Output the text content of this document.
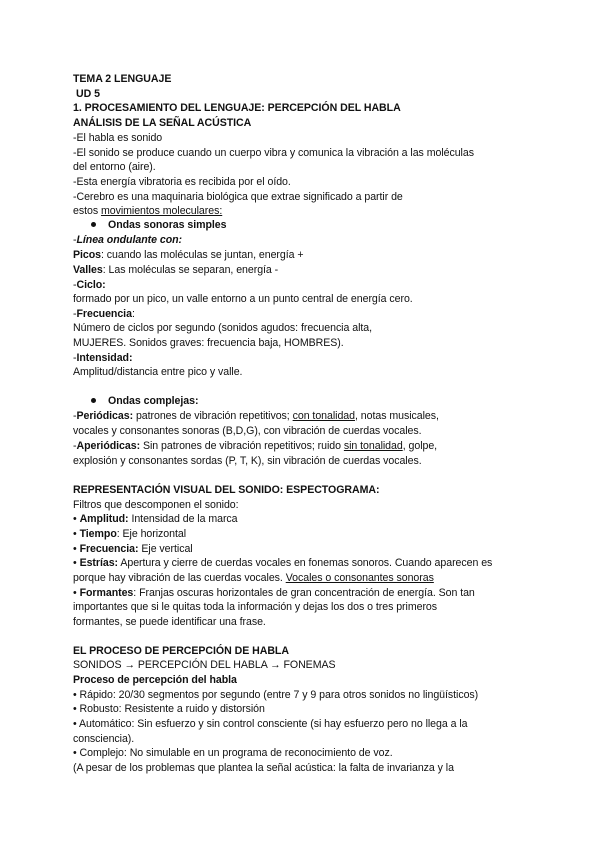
TEMA 2 LENGUAJE
UD 5
1. PROCESAMIENTO DEL LENGUAJE: PERCEPCIÓN DEL HABLA
ANÁLISIS DE LA SEÑAL ACÚSTICA
-El habla es sonido
-El sonido se produce cuando un cuerpo vibra y comunica la vibración a las moléculas
del entorno (aire).
-Esta energía vibratoria es recibida por el oído.
-Cerebro es una maquinaria biológica que extrae significado a partir de
estos movimientos moleculares:
Ondas sonoras simples
-Línea ondulante con:
Picos: cuando las moléculas se juntan, energía +
Valles: Las moléculas se separan, energía -
-Ciclo:
formado por un pico, un valle entorno a un punto central de energía cero.
-Frecuencia:
Número de ciclos por segundo (sonidos agudos: frecuencia alta,
MUJERES. Sonidos graves: frecuencia baja, HOMBRES).
-Intensidad:
Amplitud/distancia entre pico y valle.
Ondas complejas:
-Periódicas: patrones de vibración repetitivos; con tonalidad, notas musicales,
vocales y consonantes sonoras (B,D,G), con vibración de cuerdas vocales.
-Aperiódicas: Sin patrones de vibración repetitivos; ruido sin tonalidad, golpe,
explosión y consonantes sordas (P, T, K), sin vibración de cuerdas vocales.
REPRESENTACIÓN VISUAL DEL SONIDO: ESPECTOGRAMA:
Filtros que descomponen el sonido:
• Amplitud: Intensidad de la marca
• Tiempo: Eje horizontal
• Frecuencia: Eje vertical
• Estrías: Apertura y cierre de cuerdas vocales en fonemas sonoros. Cuando aparecen es
porque hay vibración de las cuerdas vocales. Vocales o consonantes sonoras
• Formantes: Franjas oscuras horizontales de gran concentración de energía. Son tan
importantes que si le quitas toda la información y dejas los dos o tres primeros
formantes, se puede identificar una frase.
EL PROCESO DE PERCEPCIÓN DE HABLA
SONIDOS → PERCEPCIÓN DEL HABLA → FONEMAS
Proceso de percepción del habla
• Rápido: 20/30 segmentos por segundo (entre 7 y 9 para otros sonidos no lingüísticos)
• Robusto: Resistente a ruido y distorsión
• Automático: Sin esfuerzo y sin control consciente (si hay esfuerzo pero no llega a la
consciencia).
• Complejo: No simulable en un programa de reconocimiento de voz.
(A pesar de los problemas que plantea la señal acústica: la falta de invarianza y la
